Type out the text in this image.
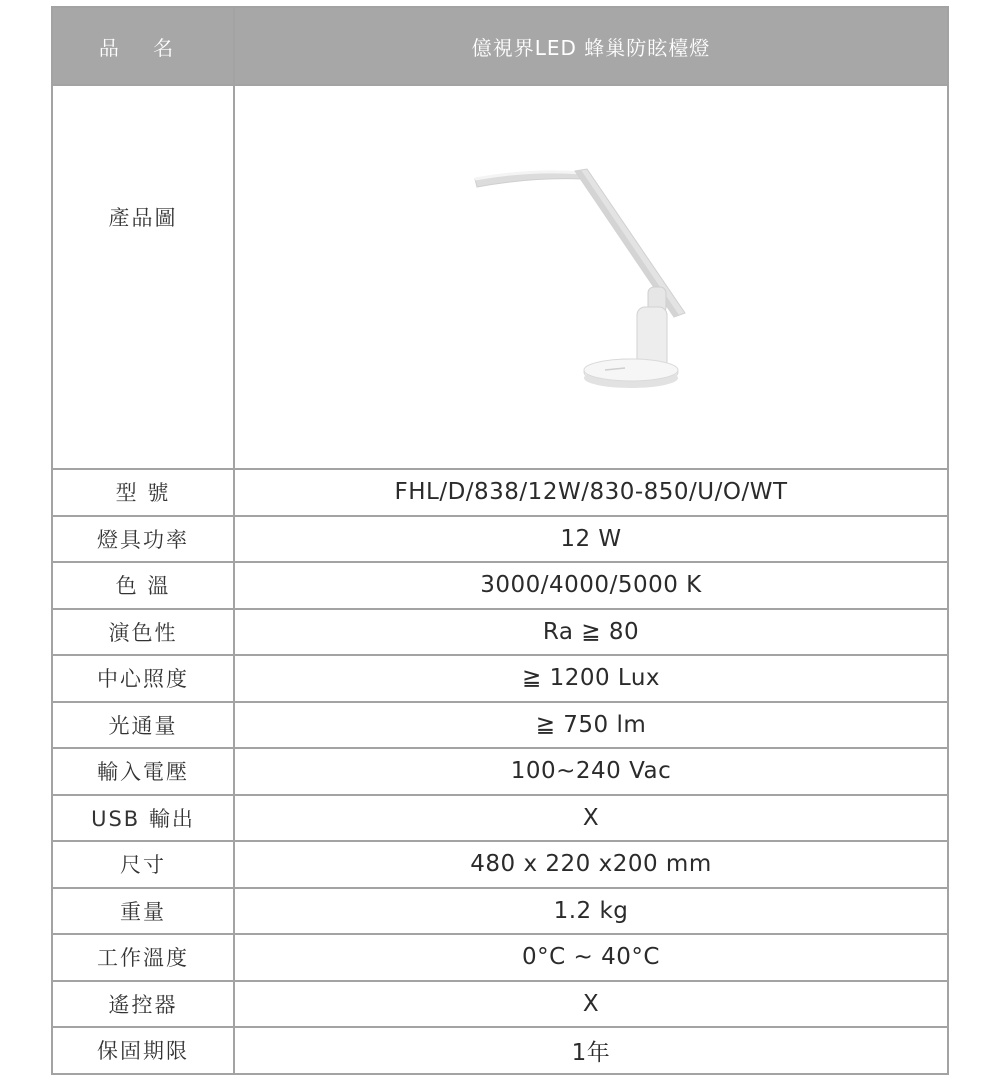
品 名	億視界LED 蜂巢防眩檯燈
產品圖	

型 號	FHL/D/838/12W/830-850/U/O/WT
燈具功率	12 W
色 溫	3000/4000/5000 K
演色性	Ra ≧ 80
中心照度	≧ 1200 Lux
光通量	≧ 750 lm
輸入電壓	100~240 Vac
USB 輸出	X
尺寸	480 x 220 x200 mm
重量	1.2 kg
工作溫度	0°C ~ 40°C
遙控器	X
保固期限	1年
